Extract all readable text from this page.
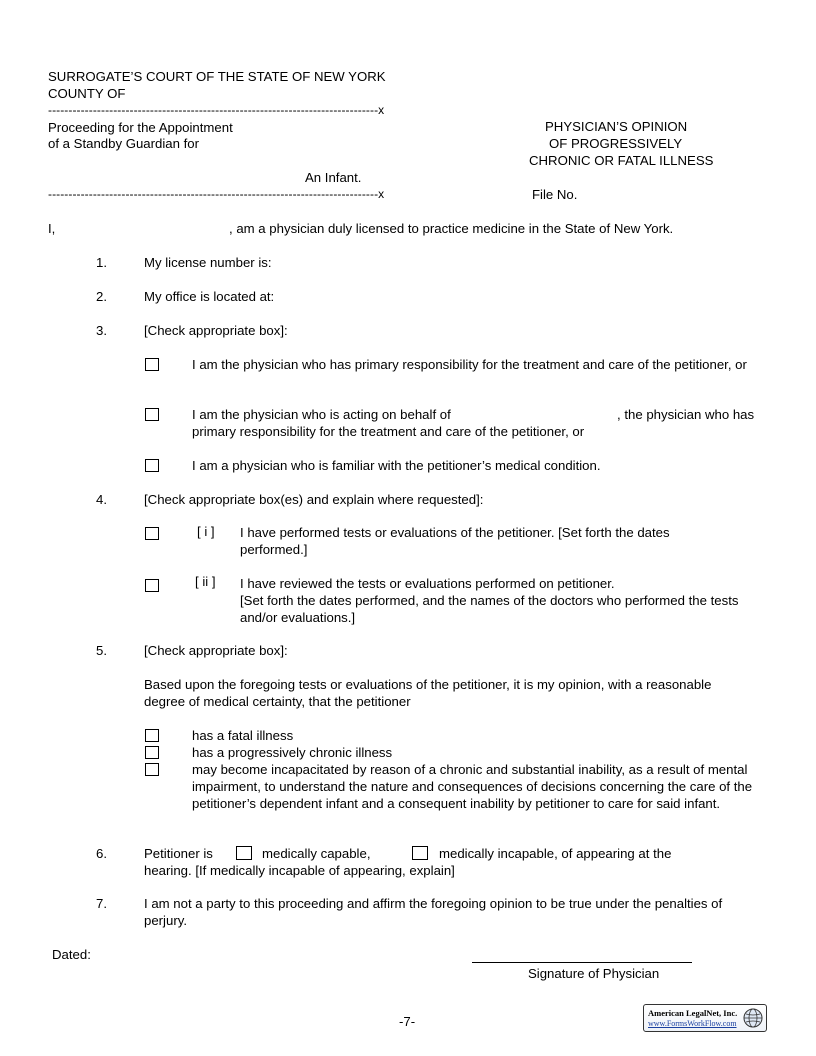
SURROGATE’S COURT OF THE STATE OF NEW YORK
COUNTY OF
---------------------------------------------------------------------------------x
Proceeding for the Appointment
of a Standby Guardian for
An Infant.
---------------------------------------------------------------------------------x
PHYSICIAN’S OPINION
OF PROGRESSIVELY
CHRONIC OR FATAL ILLNESS
File No.
I,	, am a physician duly licensed to practice medicine in the State of New York.
1.	My license number is:
2.	My office is located at:
3.	[Check appropriate box]:
I am the physician who has primary responsibility for the treatment and care of the petitioner, or
I am the physician who is acting on behalf of	, the physician who has
primary responsibility for the treatment and care of the petitioner, or
I am a physician who is familiar with the petitioner’s medical condition.
4.	[Check appropriate box(es) and explain where requested]:
[ i ] I have performed tests or evaluations of the petitioner. [Set forth the dates performed.]
[ ii ] I have reviewed the tests or evaluations performed on petitioner.
[Set forth the dates performed, and the names of the doctors who performed the tests and/or evaluations.]
5.	[Check appropriate box]:
Based upon the foregoing tests or evaluations of the petitioner, it is my opinion, with a reasonable degree of medical certainty, that the petitioner
has a fatal illness
has a progressively chronic illness
may become incapacitated by reason of a chronic and substantial inability, as a result of mental impairment, to understand the nature and consequences of decisions concerning the care of the petitioner’s dependent infant and a consequent inability by petitioner to care for said infant.
6.	Petitioner is	medically capable,	medically incapable, of appearing at the
hearing. [If medically incapable of appearing, explain]
7.	I am not a party to this proceeding and affirm the foregoing opinion to be true under the penalties of perjury.
Dated:
Signature of Physician
-7-
American LegalNet, Inc.
www.FormsWorkFlow.com
